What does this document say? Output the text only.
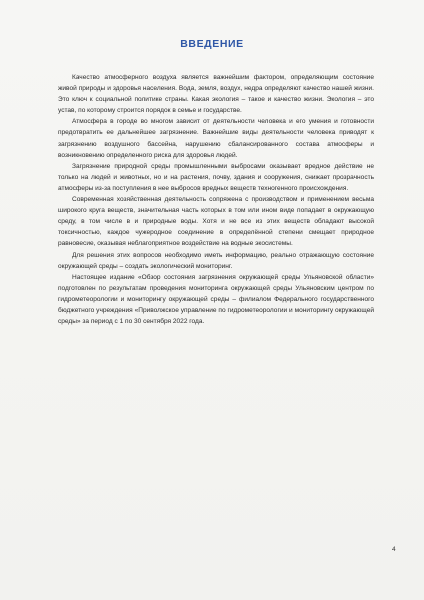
ВВЕДЕНИЕ

Качество атмосферного воздуха является важнейшим фактором, определяющим состояние живой природы и здоровья населения. Вода, земля, воздух, недра определяют качество нашей жизни. Это ключ к социальной политике страны. Какая экология – такое и качество жизни. Экология – это устав, по которому строится порядок в семье и государстве.

Атмосфера в городе во многом зависит от деятельности человека и его умения и готовности предотвратить ее дальнейшее загрязнение. Важнейшие виды деятельности человека приводят к загрязнению воздушного бассейна, нарушению сбалансированного состава атмосферы и возникновению определенного риска для здоровья людей.

Загрязнение природной среды промышленными выбросами оказывает вредное действие не только на людей и животных, но и на растения, почву, здания и сооружения, снижает прозрачность атмосферы из-за поступления в нее выбросов вредных веществ техногенного происхождения.

Современная хозяйственная деятельность сопряжена с производством и применением весьма широкого круга веществ, значительная часть которых в том или ином виде попадает в окружающую среду, в том числе в и природные воды. Хотя и не все из этих веществ обладают высокой токсичностью, каждое чужеродное соединение в определённой степени смещает природное равновесие, оказывая неблагоприятное воздействие на водные экосистемы.

Для решения этих вопросов необходимо иметь информацию, реально отражающую состояние окружающей среды – создать экологический мониторинг.

Настоящее издание «Обзор состояния загрязнения окружающей среды Ульяновской области» подготовлен по результатам проведения мониторинга окружающей среды Ульяновским центром по гидрометеорологии и мониторингу окружающей среды – филиалом Федерального государственного бюджетного учреждения «Приволжское управление по гидрометеорологии и мониторингу окружающей среды» за период с 1 по 30 сентября 2022 года.

4
